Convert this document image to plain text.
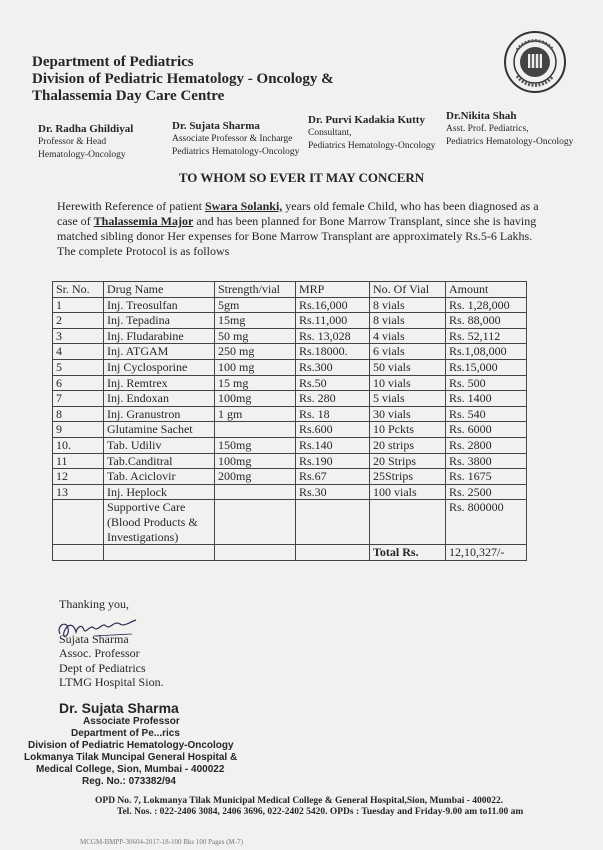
Department of Pediatrics
Division of Pediatric Hematology - Oncology &
Thalassemia Day Care Centre
Dr. Radha Ghildiyal
Professor & Head
Hematology-Oncology
Dr. Sujata Sharma
Associate Professor & Incharge
Pediatrics Hematology-Oncology
Dr. Purvi Kadakia Kutty
Consultant,
Pediatrics Hematology-Oncology
Dr.Nikita Shah
Asst. Prof. Pediatrics,
Pediatrics Hematology-Oncology
TO WHOM SO EVER IT MAY CONCERN
Herewith Reference of patient Swara Solanki, years old female Child, who has been diagnosed as a case of Thalassemia Major and has been planned for Bone Marrow Transplant, since she is having matched sibling donor Her expenses for Bone Marrow Transplant are approximately Rs.5-6 Lakhs. The complete Protocol is as follows
Sr. No.	Drug Name	Strength/vial	MRP	No. Of Vial	Amount
1	Inj. Treosulfan	5gm	Rs.16,000	8 vials	Rs. 1,28,000
2	Inj. Tepadina	15mg	Rs.11,000	8 vials	Rs. 88,000
3	Inj. Fludarabine	50 mg	Rs. 13,028	4 vials	Rs. 52,112
4	Inj. ATGAM	250 mg	Rs.18000.	6 vials	Rs.1,08,000
5	Inj Cyclosporine	100 mg	Rs.300	50 vials	Rs.15,000
6	Inj. Remtrex	15 mg	Rs.50	10 vials	Rs. 500
7	Inj. Endoxan	100mg	Rs. 280	5 vials	Rs. 1400
8	Inj. Granustron	1 gm	Rs. 18	30 vials	Rs. 540
9	Glutamine Sachet		Rs.600	10 Pckts	Rs. 6000
10.	Tab. Udiliv	150mg	Rs.140	20 strips	Rs. 2800
11	Tab.Canditral	100mg	Rs.190	20 Strips	Rs. 3800
12	Tab. Aciclovir	200mg	Rs.67	25Strips	Rs. 1675
13	Inj. Heplock		Rs.30	100 vials	Rs. 2500

	Supportive Care
(Blood Products &
Investigations)				Rs. 800000
				Total Rs.	12,10,327/-
Thanking you,
Sujata Sharma
Assoc. Professor
Dept of Pediatrics
LTMG Hospital Sion.
Dr. Sujata Sharma
Associate Professor
Department of Pe...rics
Division of Pediatric Hematology-Oncology
Lokmanya Tilak Muncipal General Hospital &
Medical College, Sion, Mumbai - 400022
Reg. No.: 073382/94
OPD No. 7, Lokmanya Tilak Municipal Medical College & General Hospital,Sion, Mumbai - 400022.
Tel. Nos. : 022-2406 3084, 2406 3696, 022-2402 5420. OPDs : Tuesday and Friday-9.00 am to11.00 am
MCGM-BMPP-30604-2017-18-100 Bks 100 Pages (M-7)
